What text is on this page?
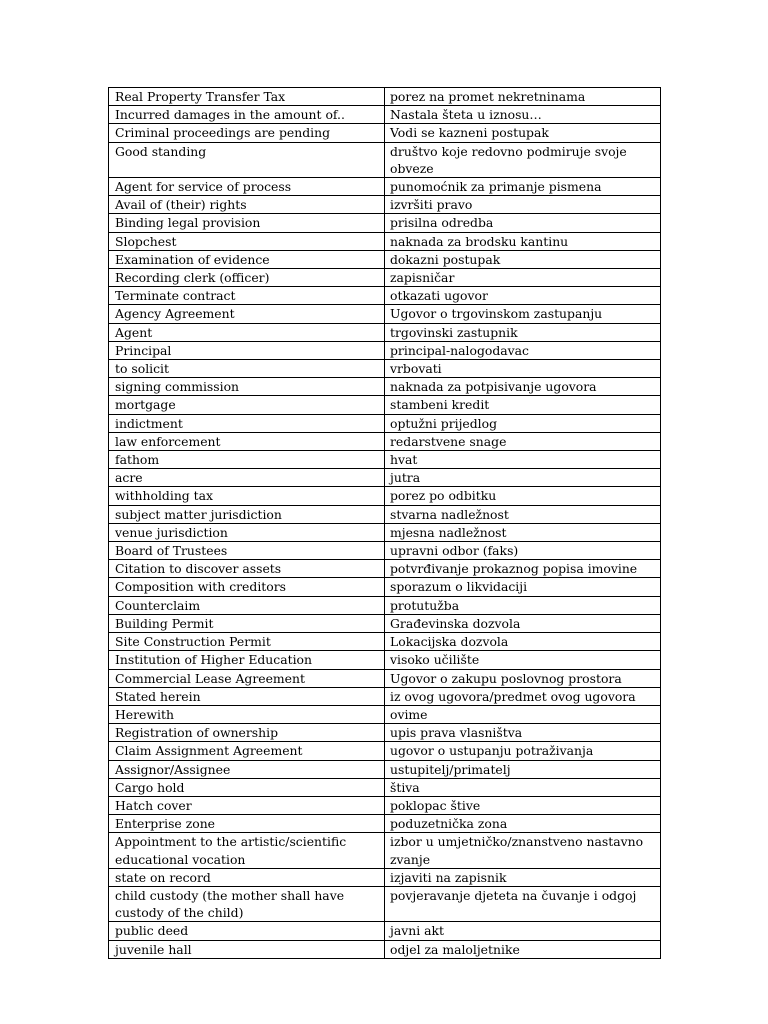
Real Property Transfer Tax	porez na promet nekretninama
Incurred damages in the amount of..	Nastala šteta u iznosu…
Criminal proceedings are pending	Vodi se kazneni postupak
Good standing	društvo koje redovno podmiruje svoje obveze
Agent for service of process	punomoćnik za primanje pismena
Avail of (their) rights	izvršiti pravo
Binding legal provision	prisilna odredba
Slopchest	naknada za brodsku kantinu
Examination of evidence	dokazni postupak
Recording clerk (officer)	zapisničar
Terminate contract	otkazati ugovor
Agency Agreement	Ugovor o trgovinskom zastupanju
Agent	trgovinski zastupnik
Principal	principal-nalogodavac
to solicit	vrbovati
signing commission	naknada za potpisivanje ugovora
mortgage	stambeni kredit
indictment	optužni prijedlog
law enforcement	redarstvene snage
fathom	hvat
acre	jutra
withholding tax	porez po odbitku
subject matter jurisdiction	stvarna nadležnost
venue jurisdiction	mjesna nadležnost
Board of Trustees	upravni odbor (faks)
Citation to discover assets	potvrđivanje prokaznog popisa imovine
Composition with creditors	sporazum o likvidaciji
Counterclaim	protutužba
Building Permit	Građevinska dozvola
Site Construction Permit	Lokacijska dozvola
Institution of Higher Education	visoko učilište
Commercial Lease Agreement	Ugovor o zakupu poslovnog prostora
Stated herein	iz ovog ugovora/predmet ovog ugovora
Herewith	ovime
Registration of ownership	upis prava vlasništva
Claim Assignment Agreement	ugovor o ustupanju potraživanja
Assignor/Assignee	ustupitelj/primatelj
Cargo hold	štiva
Hatch cover	poklopac štive
Enterprise zone	poduzetnička zona
Appointment to the artistic/scientific educational vocation	izbor u umjetničko/znanstveno nastavno zvanje
state on record	izjaviti na zapisnik
child custody (the mother shall have custody of the child)	povjeravanje djeteta na čuvanje i odgoj
public deed	javni akt
juvenile hall	odjel za maloljetnike
